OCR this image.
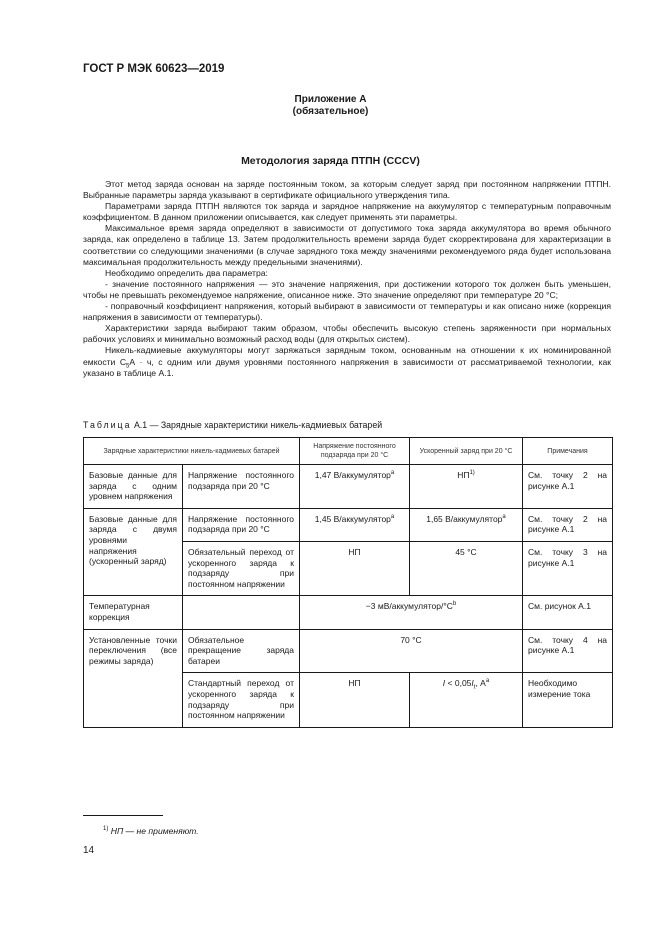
ГОСТ Р МЭК 60623—2019
Приложение А
(обязательное)
Методология заряда ПТПН (CCCV)

Этот метод заряда основан на заряде постоянным током, за которым следует заряд при постоянном напряжении ПТПН. Выбранные параметры заряда указывают в сертификате официального утверждения типа.

Параметрами заряда ПТПН являются ток заряда и зарядное напряжение на аккумулятор с температурным поправочным коэффициентом. В данном приложении описывается, как следует применять эти параметры.

Максимальное время заряда определяют в зависимости от допустимого тока заряда аккумулятора во время обычного заряда, как определено в таблице 13. Затем продолжительность времени заряда будет скорректирована для характеризации в соответствии со следующими значениями (в случае зарядного тока между значениями рекомендуемого ряда будет использована максимальная продолжительность между предельными значениями).

Необходимо определить два параметра:

- значение постоянного напряжения — это значение напряжения, при достижении которого ток должен быть уменьшен, чтобы не превышать рекомендуемое напряжение, описанное ниже. Это значение определяют при температуре 20 °С;

- поправочный коэффициент напряжения, который выбирают в зависимости от температуры и как описано ниже (коррекция напряжения в зависимости от температуры).

Характеристики заряда выбирают таким образом, чтобы обеспечить высокую степень заряженности при нормальных рабочих условиях и минимально возможный расход воды (для открытых систем).

Никель-кадмиевые аккумуляторы могут заряжаться зарядным током, основанным на отношении к их номинированной емкости $С_5А \cdot ч$, с одним или двумя уровнями постоянного напряжения в зависимости от рассматриваемой технологии, как указано в таблице А.1.

Таблица А.1 — Зарядные характеристики никель-кадмиевых батарей
Зарядные характеристики никель-кадмиевых батарей		Напряжение постоянного подзаряда при 20 °С	Ускоренный заряд при 20 °С	Примечания
Базовые данные для заряда с одним уровнем напряжения	Напряжение постоянного подзаряда при 20 °С	1,47 В/аккумулятор$^а$	НП$^{1)}$	См. точку 2 на рисунке А.1
Базовые данные для заряда с двумя уровнями напряжения (ускоренный заряд)	Напряжение постоянного подзаряда при 20 °С	1,45 В/аккумулятор$^а$	1,65 В/аккумулятор$^а$	См. точку 2 на рисунке А.1
	Обязательный переход от ускоренного заряда к подзаряду при постоянном напряжении	НП	45 °С	См. точку 3 на рисунке А.1
Температурная коррекция		−3 $мВ/аккумулятор/^\circ С^b$		См. рисунок А.1
Установленные точки переключения (все режимы заряда)	Обязательное прекращение заряда батареи	70 °С		См. точку 4 на рисунке А.1
	Стандартный переход от ускоренного заряда к подзаряду при постоянном напряжении	НП	$I < 0,05I_t$, $А^а$	Необходимо измерение тока
$^{1)}$ НП — не применяют.
14
